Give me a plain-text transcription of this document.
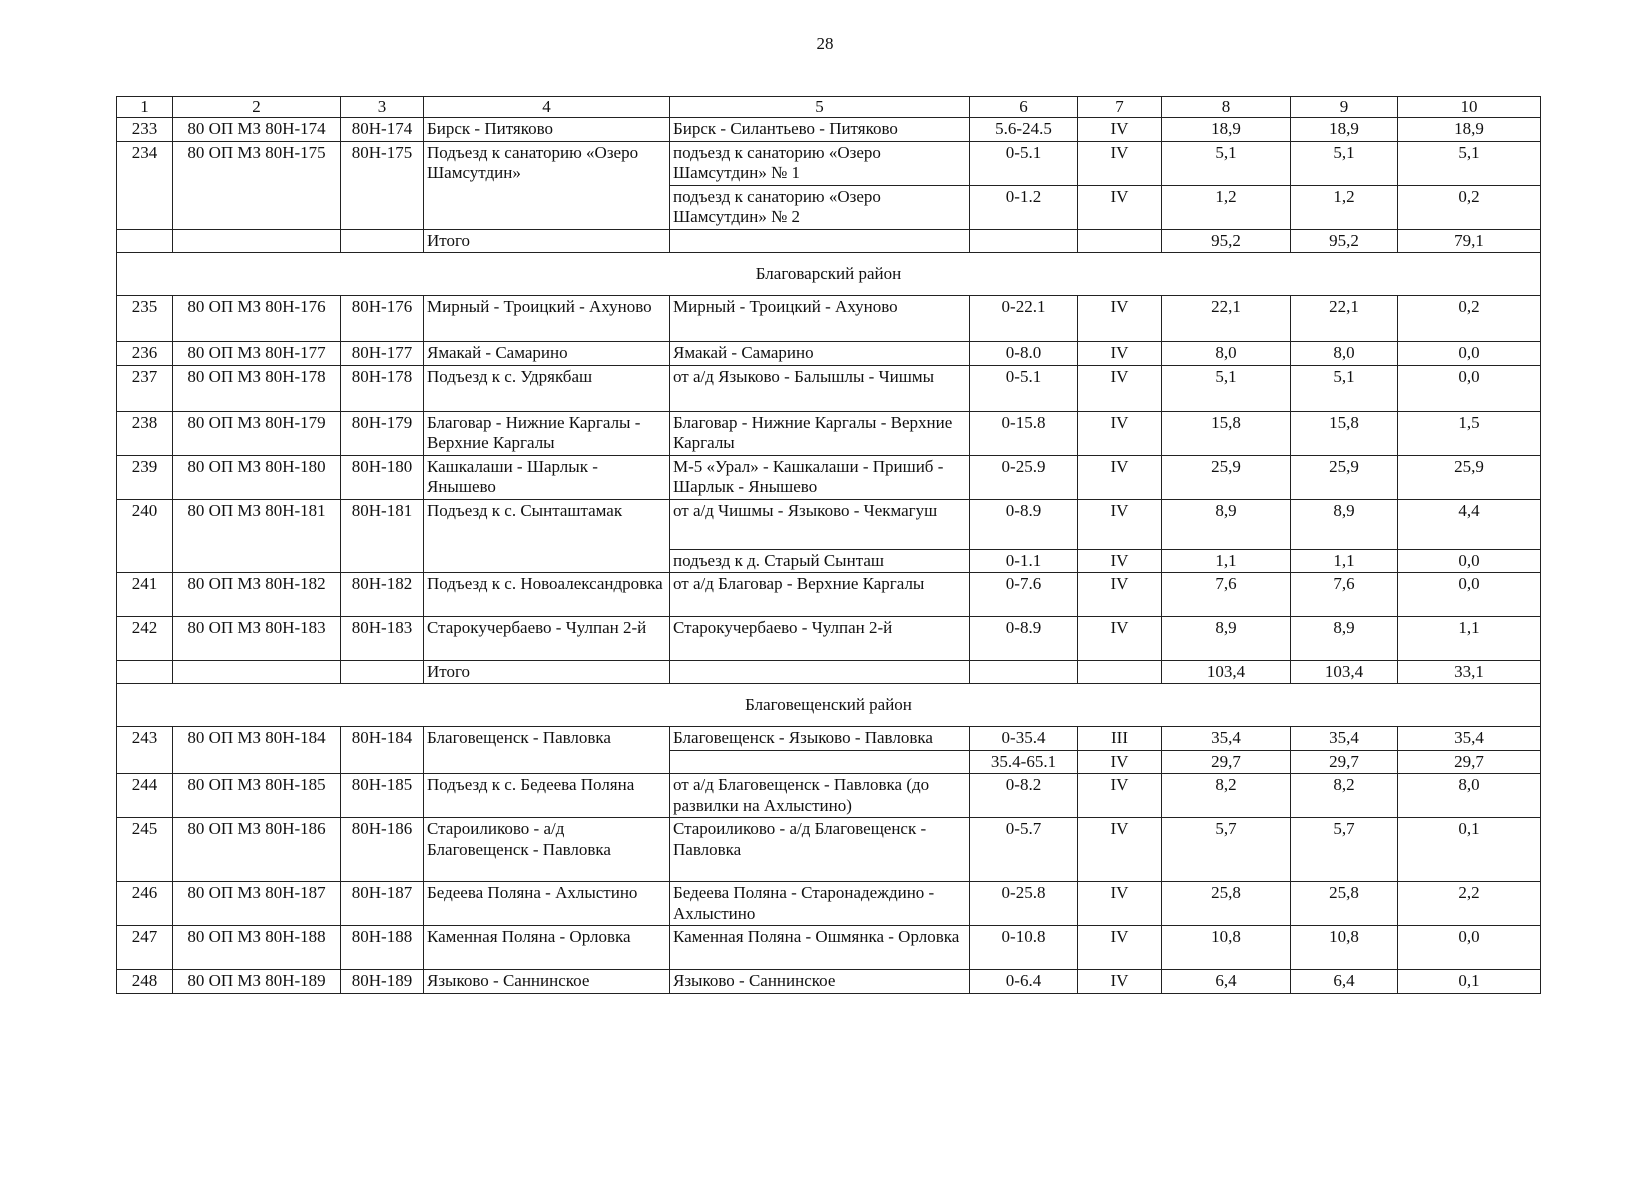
28
1	2	3	4	5	6	7	8	9	10
233	80 ОП МЗ 80Н-174	80Н-174	Бирск - Питяково	Бирск - Силантьево - Питяково	5.6-24.5	IV	18,9	18,9	18,9
234	80 ОП МЗ 80Н-175	80Н-175	Подъезд к санаторию «Озеро Шамсутдин»	подъезд к санаторию «Озеро Шамсутдин» № 1	0-5.1	IV	5,1	5,1	5,1
				подъезд к санаторию «Озеро Шамсутдин» № 2	0-1.2	IV	1,2	1,2	0,2
			Итого				95,2	95,2	79,1
Благоварский район									
235	80 ОП МЗ 80Н-176	80Н-176	Мирный - Троицкий - Ахуново	Мирный - Троицкий - Ахуново	0-22.1	IV	22,1	22,1	0,2
236	80 ОП МЗ 80Н-177	80Н-177	Ямакай - Самарино	Ямакай - Самарино	0-8.0	IV	8,0	8,0	0,0
237	80 ОП МЗ 80Н-178	80Н-178	Подъезд к с. Удрякбаш	от а/д Языково - Балышлы - Чишмы	0-5.1	IV	5,1	5,1	0,0
238	80 ОП МЗ 80Н-179	80Н-179	Благовар - Нижние Каргалы - Верхние Каргалы	Благовар - Нижние Каргалы - Верхние Каргалы	0-15.8	IV	15,8	15,8	1,5
239	80 ОП МЗ 80Н-180	80Н-180	Кашкалаши - Шарлык - Янышево	М-5 «Урал» - Кашкалаши - Пришиб - Шарлык - Янышево	0-25.9	IV	25,9	25,9	25,9
240	80 ОП МЗ 80Н-181	80Н-181	Подъезд к с. Сынташтамак	от а/д Чишмы - Языково - Чекмагуш	0-8.9	IV	8,9	8,9	4,4
				подъезд к д. Старый Сынташ	0-1.1	IV	1,1	1,1	0,0
241	80 ОП МЗ 80Н-182	80Н-182	Подъезд к с. Новоалександровка	от а/д Благовар - Верхние Каргалы	0-7.6	IV	7,6	7,6	0,0
242	80 ОП МЗ 80Н-183	80Н-183	Старокучербаево - Чулпан 2-й	Старокучербаево - Чулпан 2-й	0-8.9	IV	8,9	8,9	1,1
			Итого				103,4	103,4	33,1
Благовещенский район									
243	80 ОП МЗ 80Н-184	80Н-184	Благовещенск - Павловка	Благовещенск - Языково - Павловка	0-35.4	III	35,4	35,4	35,4
					35.4-65.1	IV	29,7	29,7	29,7
244	80 ОП МЗ 80Н-185	80Н-185	Подъезд к с. Бедеева Поляна	от а/д Благовещенск - Павловка (до развилки на Ахлыстино)	0-8.2	IV	8,2	8,2	8,0
245	80 ОП МЗ 80Н-186	80Н-186	Староиликово - а/д Благовещенск - Павловка	Староиликово - а/д Благовещенск - Павловка	0-5.7	IV	5,7	5,7	0,1
246	80 ОП МЗ 80Н-187	80Н-187	Бедеева Поляна - Ахлыстино	Бедеева Поляна - Старонадеждино - Ахлыстино	0-25.8	IV	25,8	25,8	2,2
247	80 ОП МЗ 80Н-188	80Н-188	Каменная Поляна - Орловка	Каменная Поляна - Ошмянка - Орловка	0-10.8	IV	10,8	10,8	0,0
248	80 ОП МЗ 80Н-189	80Н-189	Языково - Саннинское	Языково - Саннинское	0-6.4	IV	6,4	6,4	0,1
